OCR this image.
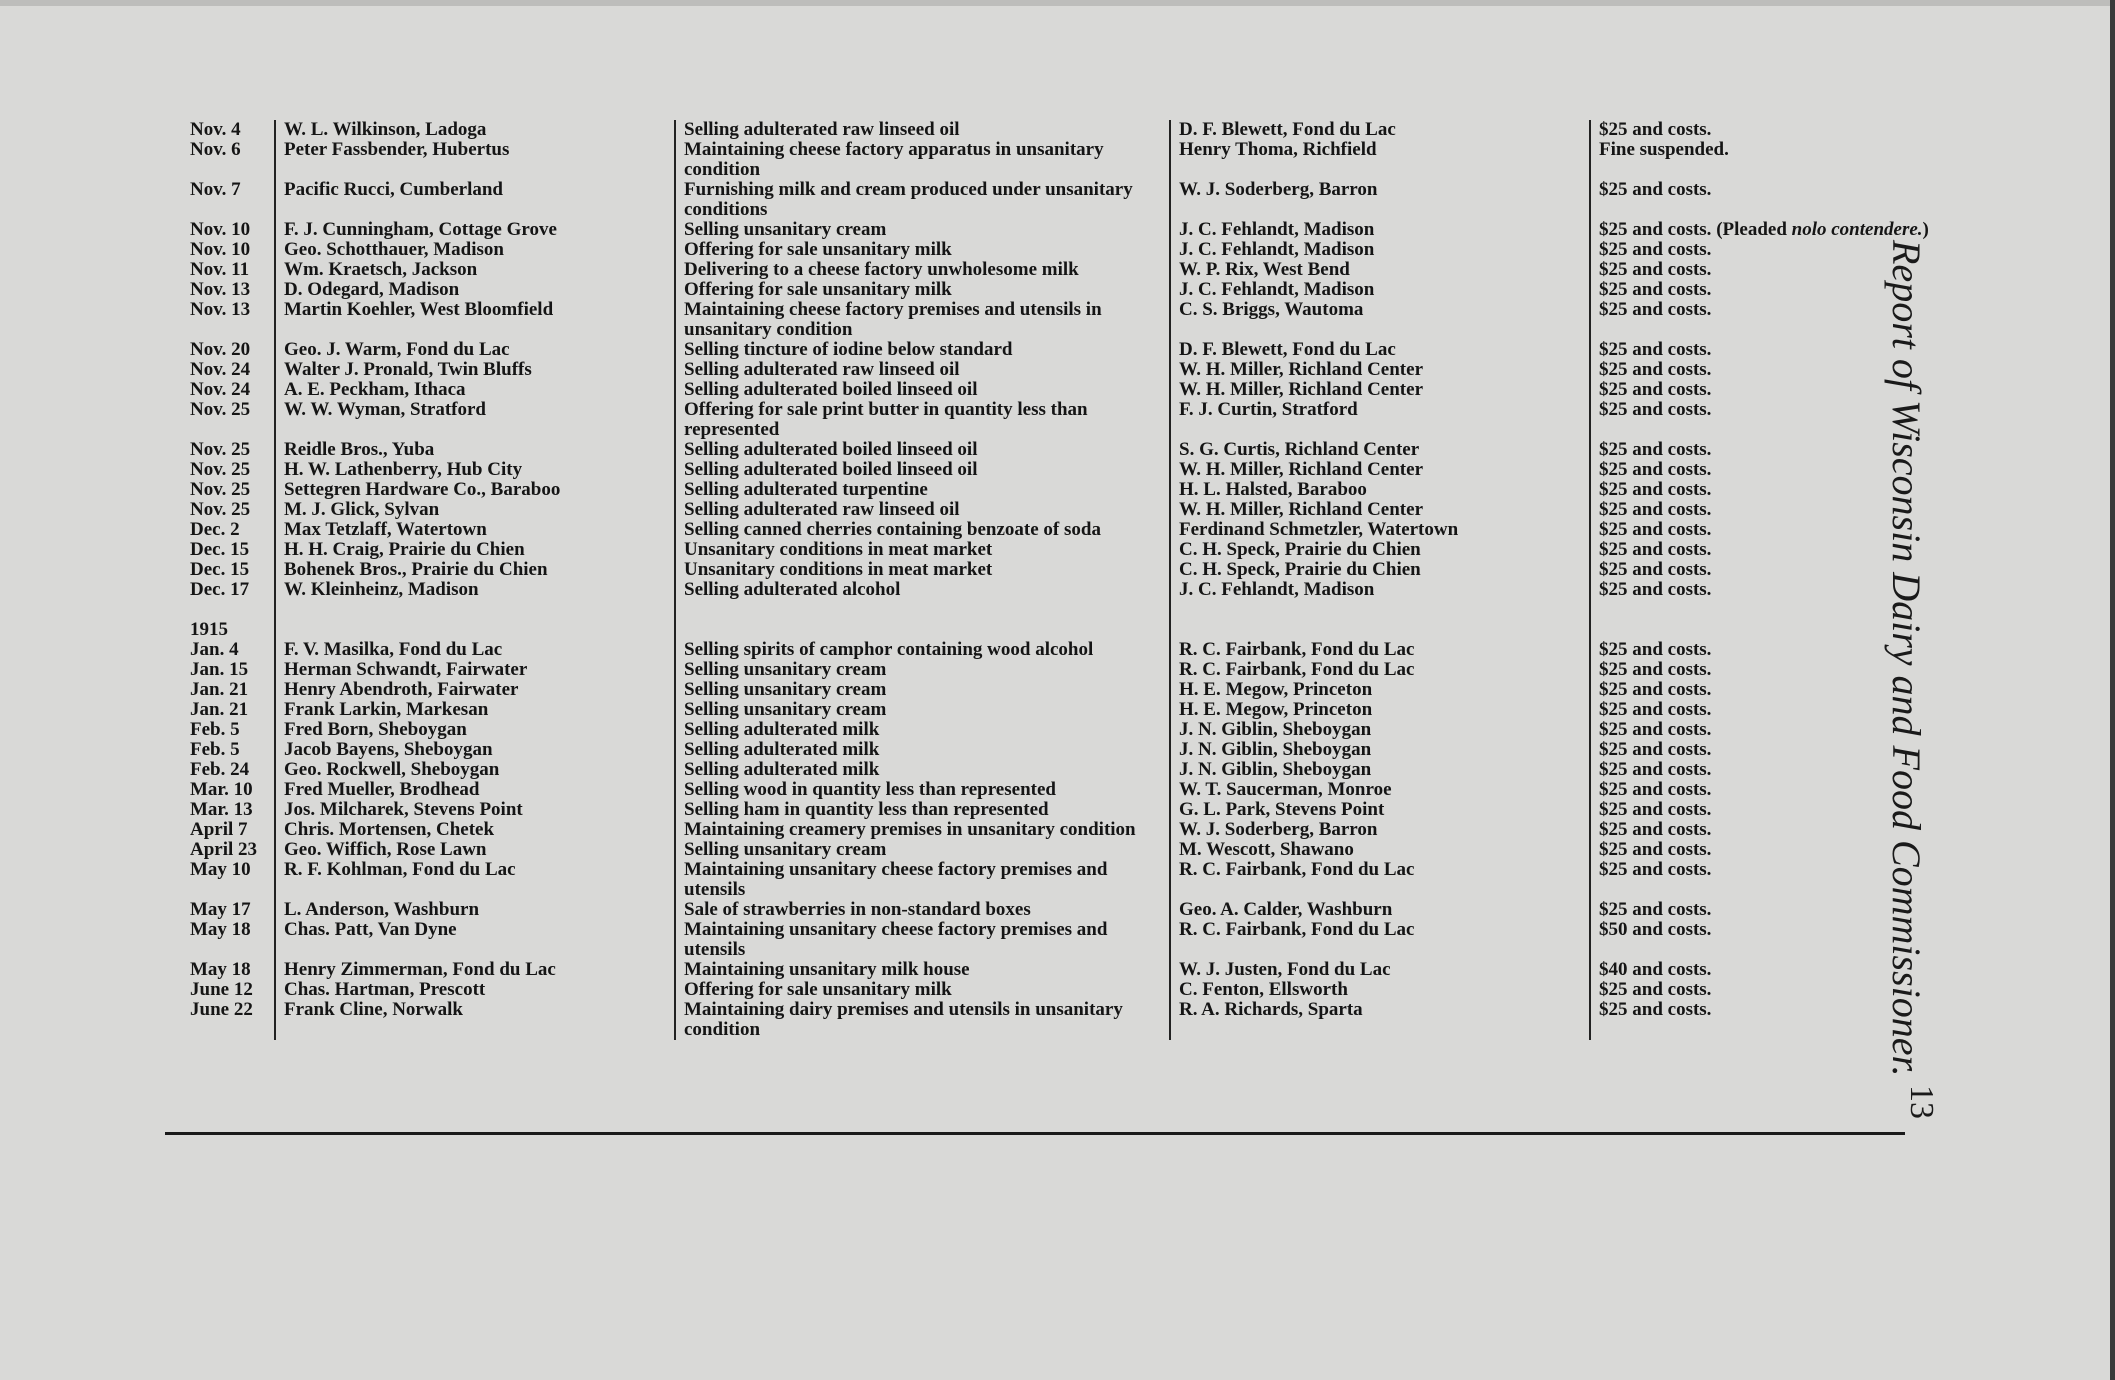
Nov. 4	W. L. Wilkinson, Ladoga	Selling adulterated raw linseed oil	D. F. Blewett, Fond du Lac	$25 and costs.
Nov. 6	Peter Fassbender, Hubertus	Maintaining cheese factory apparatus in unsanitary condition	Henry Thoma, Richfield	Fine suspended.
Nov. 7	Pacific Rucci, Cumberland	Furnishing milk and cream produced under unsanitary conditions	W. J. Soderberg, Barron	$25 and costs.
Nov. 10	F. J. Cunningham, Cottage Grove	Selling unsanitary cream	J. C. Fehlandt, Madison	$25 and costs. (Pleaded nolo contendere.)
Nov. 10	Geo. Schotthauer, Madison	Offering for sale unsanitary milk	J. C. Fehlandt, Madison	$25 and costs.
Nov. 11	Wm. Kraetsch, Jackson	Delivering to a cheese factory unwholesome milk	W. P. Rix, West Bend	$25 and costs.
Nov. 13	D. Odegard, Madison	Offering for sale unsanitary milk	J. C. Fehlandt, Madison	$25 and costs.
Nov. 13	Martin Koehler, West Bloomfield	Maintaining cheese factory premises and utensils in unsanitary condition	C. S. Briggs, Wautoma	$25 and costs.
Nov. 20	Geo. J. Warm, Fond du Lac	Selling tincture of iodine below standard	D. F. Blewett, Fond du Lac	$25 and costs.
Nov. 24	Walter J. Pronald, Twin Bluffs	Selling adulterated raw linseed oil	W. H. Miller, Richland Center	$25 and costs.
Nov. 24	A. E. Peckham, Ithaca	Selling adulterated boiled linseed oil	W. H. Miller, Richland Center	$25 and costs.
Nov. 25	W. W. Wyman, Stratford	Offering for sale print butter in quantity less than represented	F. J. Curtin, Stratford	$25 and costs.
Nov. 25	Reidle Bros., Yuba	Selling adulterated boiled linseed oil	S. G. Curtis, Richland Center	$25 and costs.
Nov. 25	H. W. Lathenberry, Hub City	Selling adulterated boiled linseed oil	W. H. Miller, Richland Center	$25 and costs.
Nov. 25	Settegren Hardware Co., Baraboo	Selling adulterated turpentine	H. L. Halsted, Baraboo	$25 and costs.
Nov. 25	M. J. Glick, Sylvan	Selling adulterated raw linseed oil	W. H. Miller, Richland Center	$25 and costs.
Dec. 2	Max Tetzlaff, Watertown	Selling canned cherries containing benzoate of soda	Ferdinand Schmetzler, Watertown	$25 and costs.
Dec. 15	H. H. Craig, Prairie du Chien	Unsanitary conditions in meat market	C. H. Speck, Prairie du Chien	$25 and costs.
Dec. 15	Bohenek Bros., Prairie du Chien	Unsanitary conditions in meat market	C. H. Speck, Prairie du Chien	$25 and costs.
Dec. 17	W. Kleinheinz, Madison	Selling adulterated alcohol	J. C. Fehlandt, Madison	$25 and costs.
1915				
Jan. 4	F. V. Masilka, Fond du Lac	Selling spirits of camphor containing wood alcohol	R. C. Fairbank, Fond du Lac	$25 and costs.
Jan. 15	Herman Schwandt, Fairwater	Selling unsanitary cream	R. C. Fairbank, Fond du Lac	$25 and costs.
Jan. 21	Henry Abendroth, Fairwater	Selling unsanitary cream	H. E. Megow, Princeton	$25 and costs.
Jan. 21	Frank Larkin, Markesan	Selling unsanitary cream	H. E. Megow, Princeton	$25 and costs.
Feb. 5	Fred Born, Sheboygan	Selling adulterated milk	J. N. Giblin, Sheboygan	$25 and costs.
Feb. 5	Jacob Bayens, Sheboygan	Selling adulterated milk	J. N. Giblin, Sheboygan	$25 and costs.
Feb. 24	Geo. Rockwell, Sheboygan	Selling adulterated milk	J. N. Giblin, Sheboygan	$25 and costs.
Mar. 10	Fred Mueller, Brodhead	Selling wood in quantity less than represented	W. T. Saucerman, Monroe	$25 and costs.
Mar. 13	Jos. Milcharek, Stevens Point	Selling ham in quantity less than represented	G. L. Park, Stevens Point	$25 and costs.
April 7	Chris. Mortensen, Chetek	Maintaining creamery premises in unsanitary condition	W. J. Soderberg, Barron	$25 and costs.
April 23	Geo. Wiffich, Rose Lawn	Selling unsanitary cream	M. Wescott, Shawano	$25 and costs.
May 10	R. F. Kohlman, Fond du Lac	Maintaining unsanitary cheese factory premises and utensils	R. C. Fairbank, Fond du Lac	$25 and costs.
May 17	L. Anderson, Washburn	Sale of strawberries in non-standard boxes	Geo. A. Calder, Washburn	$25 and costs.
May 18	Chas. Patt, Van Dyne	Maintaining unsanitary cheese factory premises and utensils	R. C. Fairbank, Fond du Lac	$50 and costs.
May 18	Henry Zimmerman, Fond du Lac	Maintaining unsanitary milk house	W. J. Justen, Fond du Lac	$40 and costs.
June 12	Chas. Hartman, Prescott	Offering for sale unsanitary milk	C. Fenton, Ellsworth	$25 and costs.
June 22	Frank Cline, Norwalk	Maintaining dairy premises and utensils in unsanitary condition	R. A. Richards, Sparta	$25 and costs.	Report of Wisconsin Dairy and Food Commissioner.
13
